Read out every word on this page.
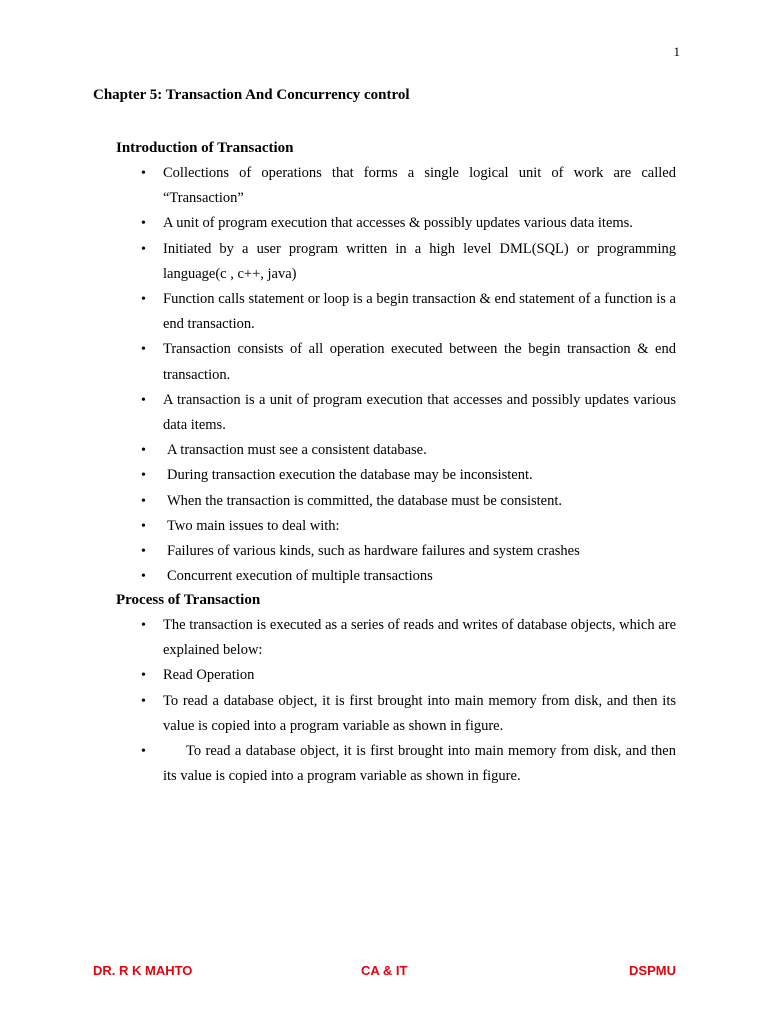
1
Chapter 5: Transaction And Concurrency control
Introduction of Transaction
• Collections of operations that forms a single logical unit of work are called “Transaction”
• A unit of program execution that accesses & possibly updates various data items.
• Initiated by a user program written in a high level DML(SQL) or programming language(c , c++, java)
• Function calls statement or loop is a begin transaction & end statement of a function is a end transaction.
• Transaction consists of all operation executed between the begin transaction & end transaction.
• A transaction is a unit of program execution that accesses and possibly updates various data items.
• A transaction must see a consistent database.
• During transaction execution the database may be inconsistent.
• When the transaction is committed, the database must be consistent.
• Two main issues to deal with:
• Failures of various kinds, such as hardware failures and system crashes
• Concurrent execution of multiple transactions
Process of Transaction
• The transaction is executed as a series of reads and writes of database objects, which are explained below:
• Read Operation
• To read a database object, it is first brought into main memory from disk, and then its value is copied into a program variable as shown in figure.
• To read a database object, it is first brought into main memory from disk, and then its value is copied into a program variable as shown in figure.
DR. R K MAHTO	CA & IT	DSPMU
